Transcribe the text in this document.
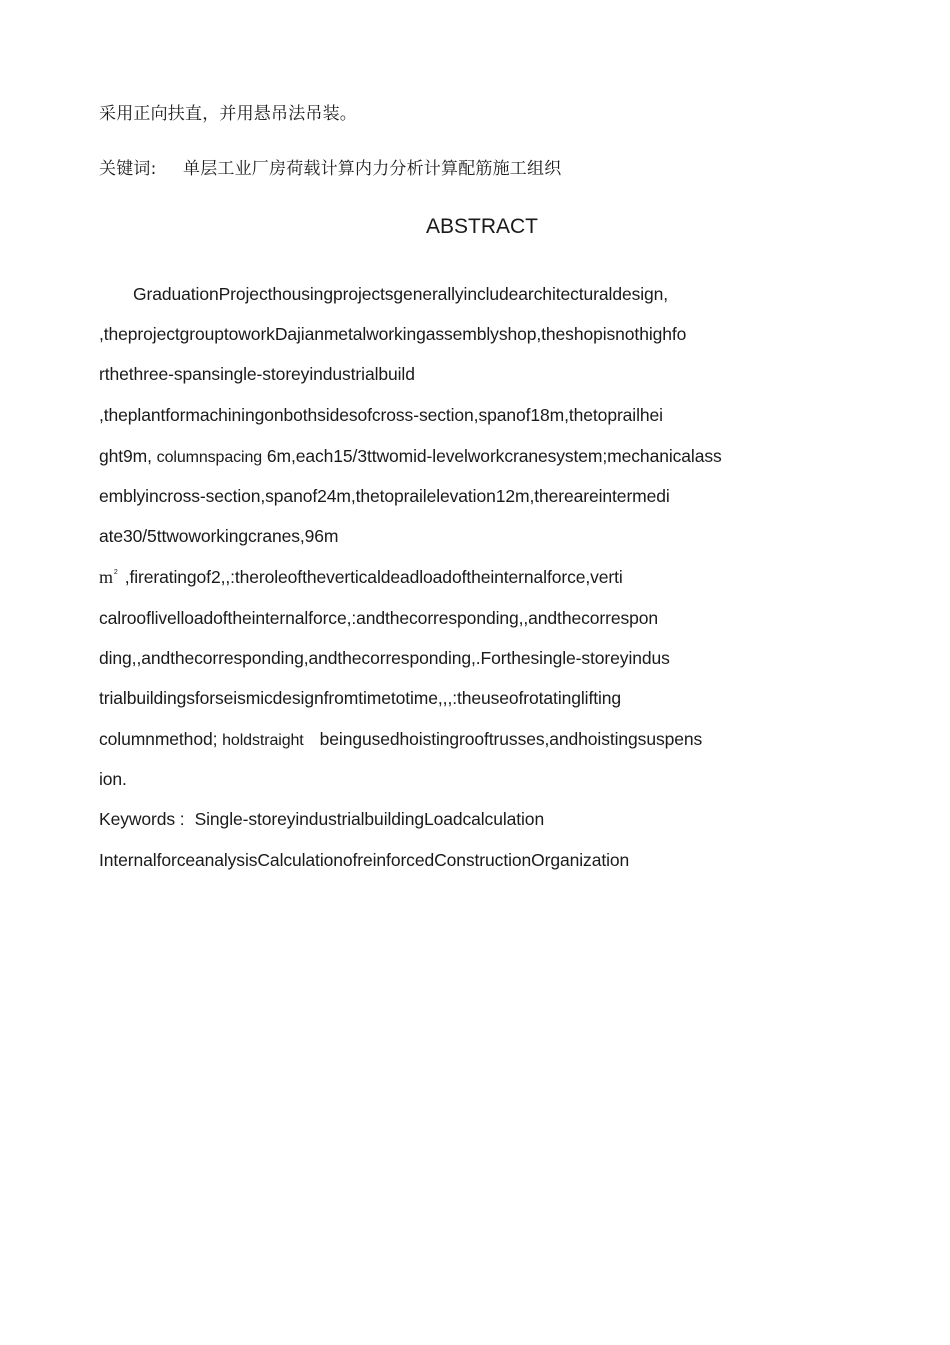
采用正向扶直，并用悬吊法吊装。
关键词: 单层工业厂房荷载计算内力分析计算配筋施工组织
ABSTRACT
GraduationProjecthousingprojectsgenerallyincludearchitecturaldesign,
,theprojectgrouptoworkDajianmetalworkingassemblyshop,theshopisnothighfo
rthethree-spansingle-storeyindustrialbuild
,theplantformachiningonbothsidesofcross-section,spanof18m,thetoprailhei
ght9m, columnspacing 6m,each15/3ttwomid-levelworkcranesystem;mechanicalass
emblyincross-section,spanof24m,thetoprailelevation12m,thereareintermedi
ate30/5ttwoworkingcranes,96m
$m^2$ ,fireratingof2,,:theroleoftheverticaldeadloadoftheinternalforce,verti
calrooflivelloadoftheinternalforce,:andthecorresponding,,andthecorrespon
ding,,andthecorresponding,andthecorresponding,.Forthesingle-storeyindus
trialbuildingsforseismicdesignfromtimetotime,,,:theuseofrotatinglifting
columnmethod; holdstraight beingusedhoistingrooftrusses,andhoistingsuspens
ion.
Keywords : Single-storeyindustrialbuildingLoadcalculation
InternalforceanalysisCalculationofreinforcedConstructionOrganization
